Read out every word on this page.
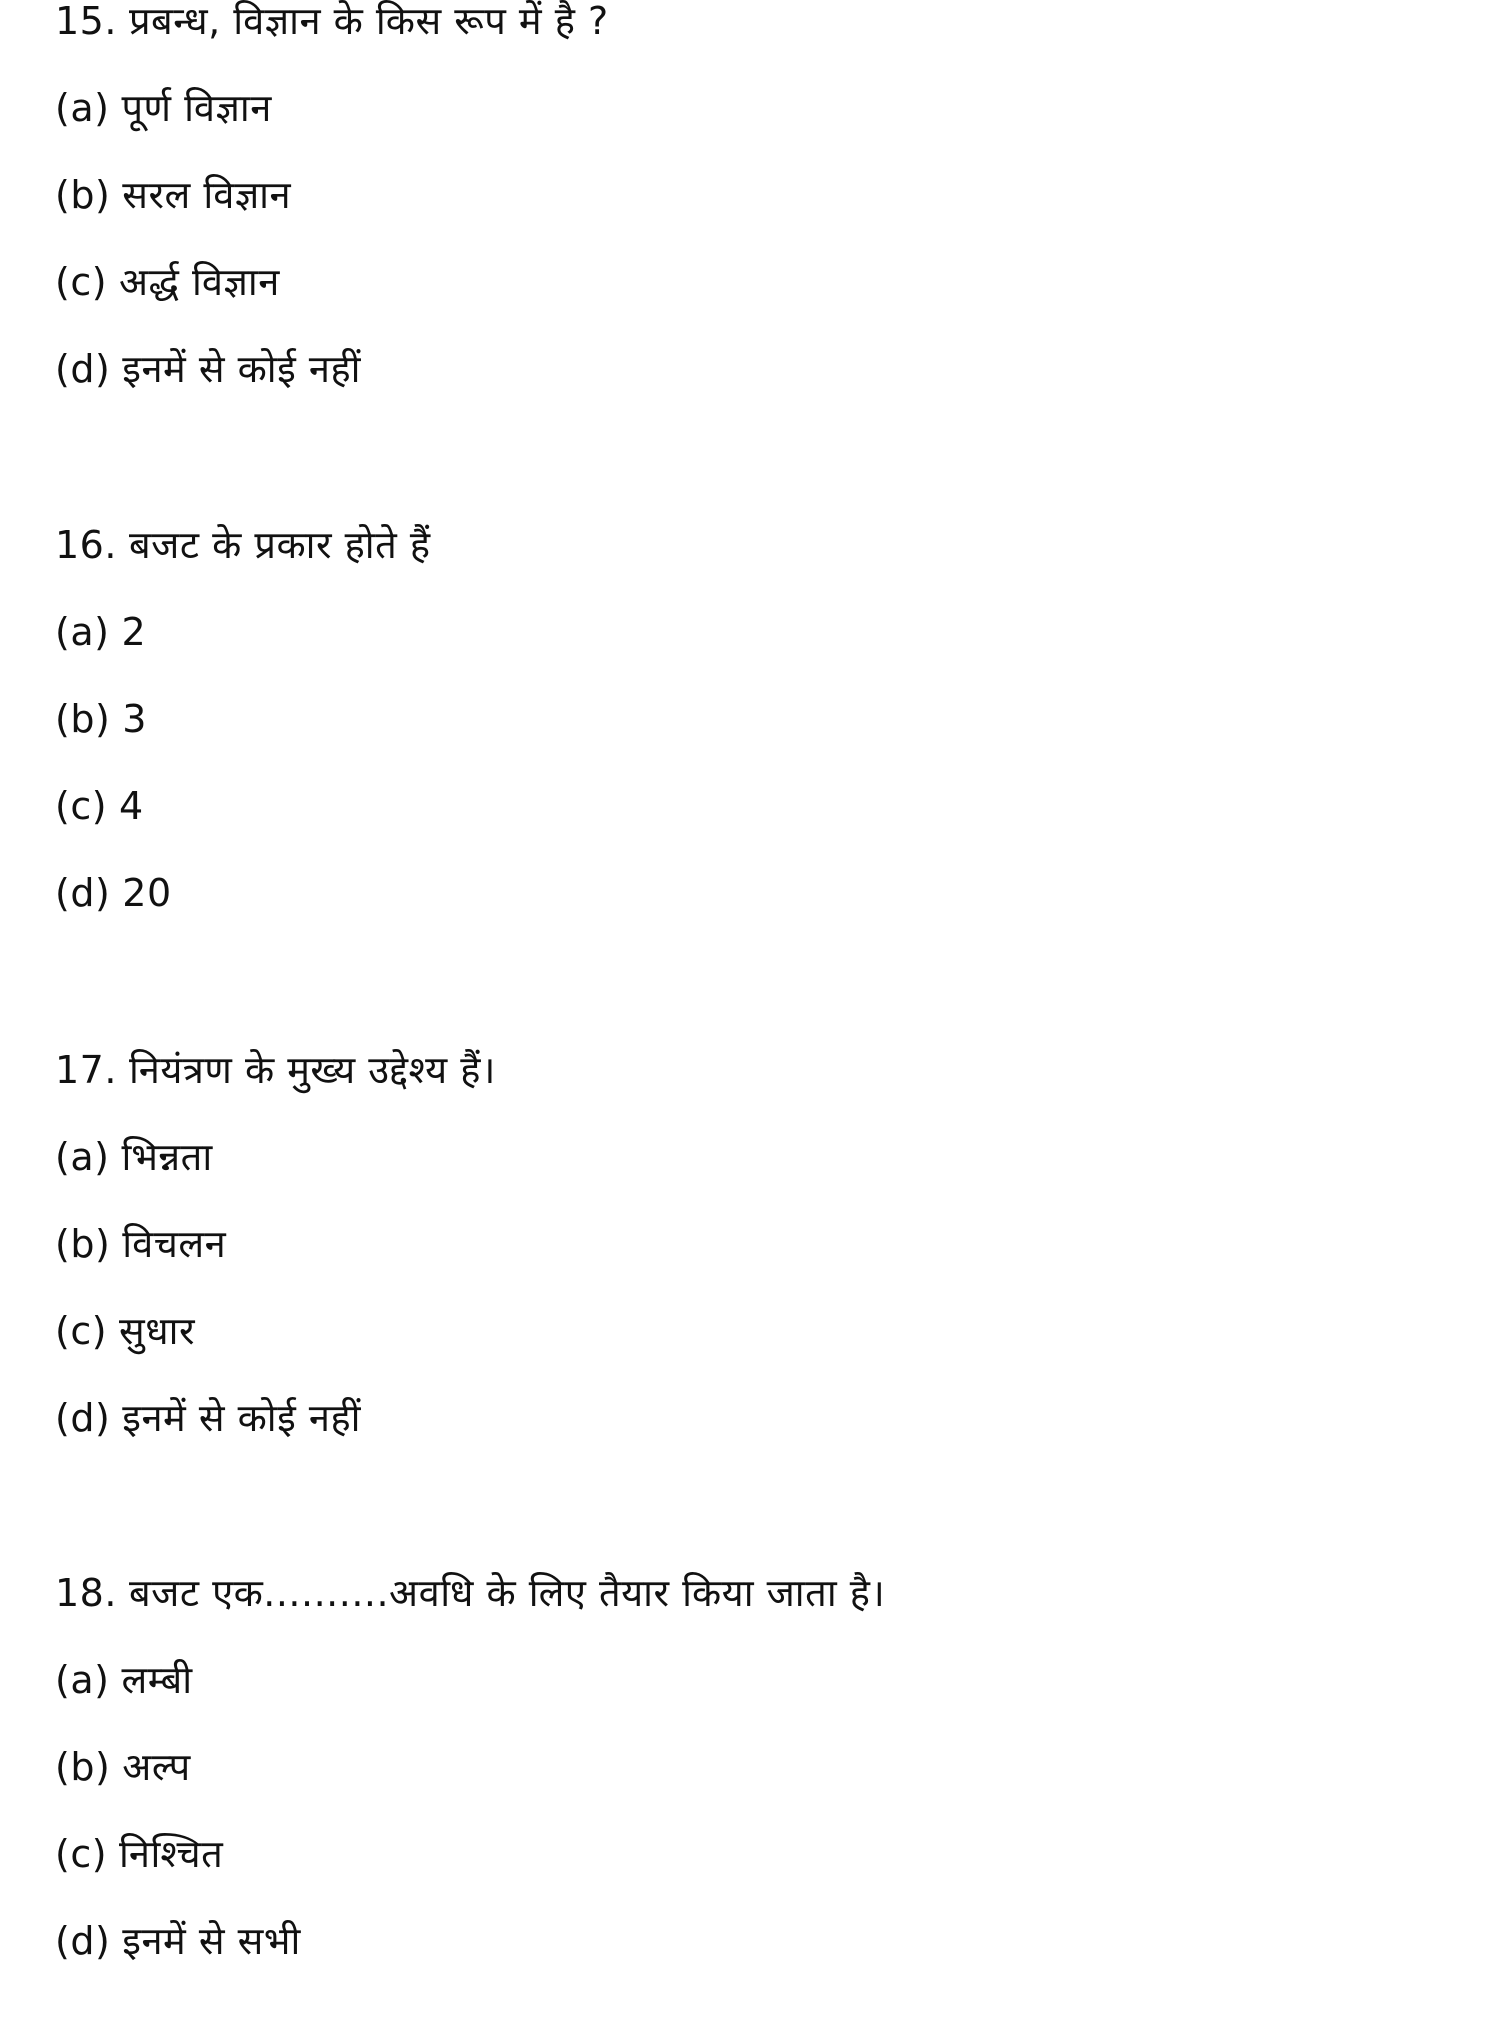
15. प्रबन्ध, विज्ञान के किस रूप में है ?
(a) पूर्ण विज्ञान
(b) सरल विज्ञान
(c) अर्द्ध विज्ञान
(d) इनमें से कोई नहीं
16. बजट के प्रकार होते हैं
(a) 2
(b) 3
(c) 4
(d) 20
17. नियंत्रण के मुख्य उद्देश्य हैं।
(a) भिन्नता
(b) विचलन
(c) सुधार
(d) इनमें से कोई नहीं
18. बजट एक..........अवधि के लिए तैयार किया जाता है।
(a) लम्बी
(b) अल्प
(c) निश्चित
(d) इनमें से सभी
